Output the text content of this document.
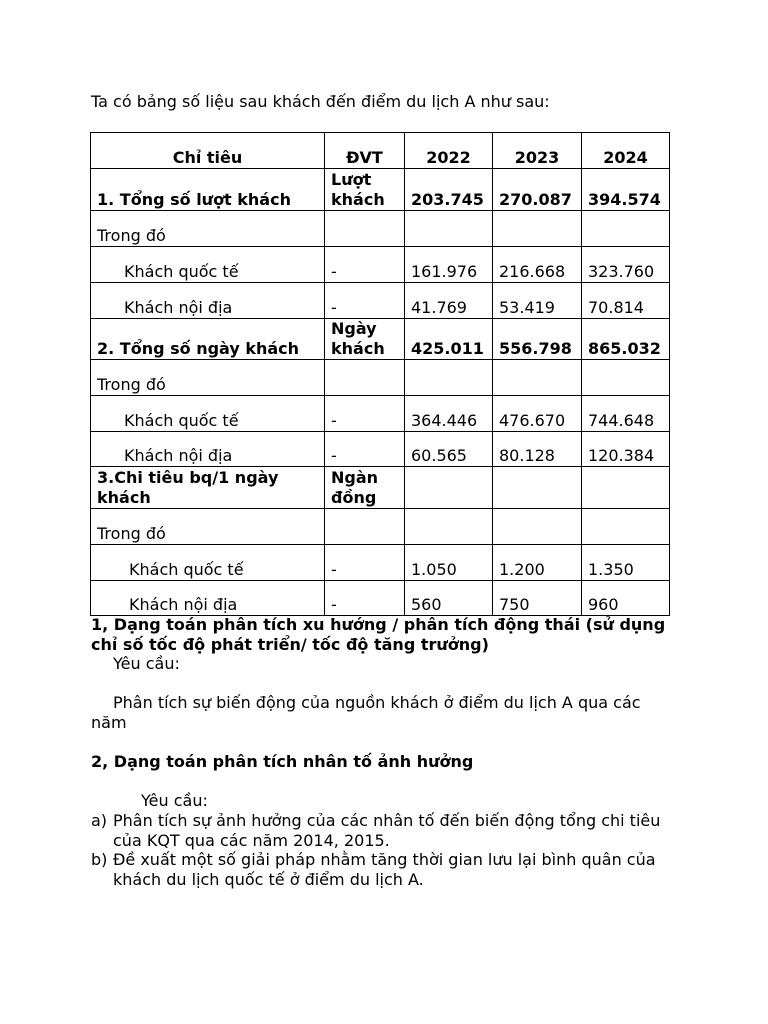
Ta có bảng số liệu sau khách đến điểm du lịch A như sau:
Chỉ tiêu	ĐVT	2022	2023	2024
1. Tổng số lượt khách	Lượt khách	203.745	270.087	394.574
Trong đó				
Khách quốc tế	-	161.976	216.668	323.760
Khách nội địa	-	41.769	53.419	70.814
2. Tổng số ngày khách	Ngày khách	425.011	556.798	865.032
Trong đó				
Khách quốc tế	-	364.446	476.670	744.648
Khách nội địa	-	60.565	80.128	120.384
3.Chi tiêu bq/1 ngày khách	Ngàn đồng			
Trong đó				
Khách quốc tế	-	1.050	1.200	1.350
Khách nội địa	-	560	750	960
1, Dạng toán phân tích xu hướng / phân tích động thái (sử dụng chỉ số tốc độ phát triển/ tốc độ tăng trưởng)
Yêu cầu:
Phân tích sự biến động của nguồn khách ở điểm du lịch A qua các năm
2, Dạng toán phân tích nhân tố ảnh hưởng
Yêu cầu:
a) Phân tích sự ảnh hưởng của các nhân tố đến biến động tổng chi tiêu của KQT qua các năm 2014, 2015.
b) Đề xuất một số giải pháp nhằm tăng thời gian lưu lại bình quân của khách du lịch quốc tế ở điểm du lịch A.
